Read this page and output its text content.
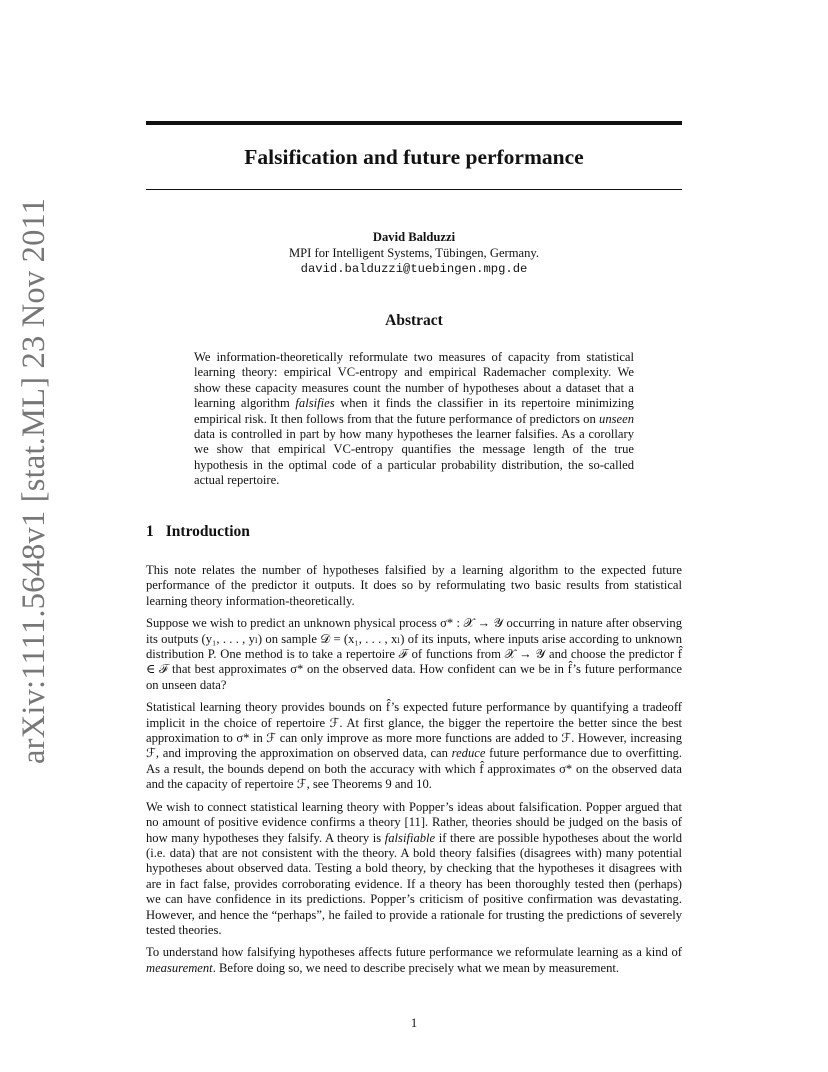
arXiv:1111.5648v1 [stat.ML] 23 Nov 2011
Falsification and future performance
David Balduzzi
MPI for Intelligent Systems, Tübingen, Germany.
david.balduzzi@tuebingen.mpg.de
Abstract

We information-theoretically reformulate two measures of capacity from statistical learning theory: empirical VC-entropy and empirical Rademacher complexity. We show these capacity measures count the number of hypotheses about a dataset that a learning algorithm falsifies when it finds the classifier in its repertoire minimizing empirical risk. It then follows from that the future performance of predictors on unseen data is controlled in part by how many hypotheses the learner falsifies. As a corollary we show that empirical VC-entropy quantifies the message length of the true hypothesis in the optimal code of a particular probability distribution, the so-called actual repertoire.

1 Introduction

This note relates the number of hypotheses falsified by a learning algorithm to the expected future performance of the predictor it outputs. It does so by reformulating two basic results from statistical learning theory information-theoretically.

Suppose we wish to predict an unknown physical process σ* : 𝒳 → 𝒴 occurring in nature after observing its outputs (y₁, . . . , yₗ) on sample 𝒟 = (x₁, . . . , xₗ) of its inputs, where inputs arise according to unknown distribution P. One method is to take a repertoire ℱ of functions from 𝒳 → 𝒴 and choose the predictor f̂ ∈ ℱ that best approximates σ* on the observed data. How confident can we be in f̂’s future performance on unseen data?

Statistical learning theory provides bounds on f̂’s expected future performance by quantifying a tradeoff implicit in the choice of repertoire ℱ. At first glance, the bigger the repertoire the better since the best approximation to σ* in ℱ can only improve as more more functions are added to ℱ. However, increasing ℱ, and improving the approximation on observed data, can reduce future performance due to overfitting. As a result, the bounds depend on both the accuracy with which f̂ approximates σ* on the observed data and the capacity of repertoire ℱ, see Theorems 9 and 10.

We wish to connect statistical learning theory with Popper’s ideas about falsification. Popper argued that no amount of positive evidence confirms a theory [11]. Rather, theories should be judged on the basis of how many hypotheses they falsify. A theory is falsifiable if there are possible hypotheses about the world (i.e. data) that are not consistent with the theory. A bold theory falsifies (disagrees with) many potential hypotheses about observed data. Testing a bold theory, by checking that the hypotheses it disagrees with are in fact false, provides corroborating evidence. If a theory has been thoroughly tested then (perhaps) we can have confidence in its predictions. Popper’s criticism of positive confirmation was devastating. However, and hence the “perhaps”, he failed to provide a rationale for trusting the predictions of severely tested theories.

To understand how falsifying hypotheses affects future performance we reformulate learning as a kind of measurement. Before doing so, we need to describe precisely what we mean by measurement.

1
